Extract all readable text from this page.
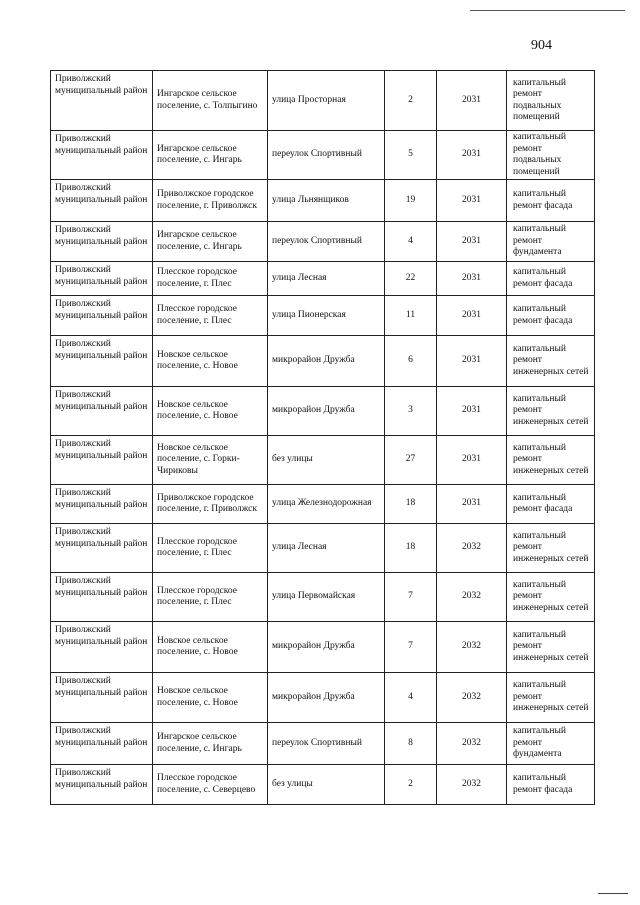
904
Приволжский муниципальный район	Ингарское сельское поселение, с. Толпыгино	улица Просторная	2	2031	капитальный ремонт подвальных помещений
Приволжский муниципальный район	Ингарское сельское поселение, с. Ингарь	переулок Спортивный	5	2031	капитальный ремонт подвальных помещений
Приволжский муниципальный район	Приволжское городское поселение, г. Приволжск	улица Льнянщиков	19	2031	капитальный ремонт фасада
Приволжский муниципальный район	Ингарское сельское поселение, с. Ингарь	переулок Спортивный	4	2031	капитальный ремонт фундамента
Приволжский муниципальный район	Плесское городское поселение, г. Плес	улица Лесная	22	2031	капитальный ремонт фасада
Приволжский муниципальный район	Плесское городское поселение, г. Плес	улица Пионерская	11	2031	капитальный ремонт фасада
Приволжский муниципальный район	Новское сельское поселение, с. Новое	микрорайон Дружба	6	2031	капитальный ремонт инженерных сетей
Приволжский муниципальный район	Новское сельское поселение, с. Новое	микрорайон Дружба	3	2031	капитальный ремонт инженерных сетей
Приволжский муниципальный район	Новское сельское поселение, с. Горки-Чириковы	без улицы	27	2031	капитальный ремонт инженерных сетей
Приволжский муниципальный район	Приволжское городское поселение, г. Приволжск	улица Железнодорожная	18	2031	капитальный ремонт фасада
Приволжский муниципальный район	Плесское городское поселение, г. Плес	улица Лесная	18	2032	капитальный ремонт инженерных сетей
Приволжский муниципальный район	Плесское городское поселение, г. Плес	улица Первомайская	7	2032	капитальный ремонт инженерных сетей
Приволжский муниципальный район	Новское сельское поселение, с. Новое	микрорайон Дружба	7	2032	капитальный ремонт инженерных сетей
Приволжский муниципальный район	Новское сельское поселение, с. Новое	микрорайон Дружба	4	2032	капитальный ремонт инженерных сетей
Приволжский муниципальный район	Ингарское сельское поселение, с. Ингарь	переулок Спортивный	8	2032	капитальный ремонт фундамента
Приволжский муниципальный район	Плесское городское поселение, с. Северцево	без улицы	2	2032	капитальный ремонт фасада
